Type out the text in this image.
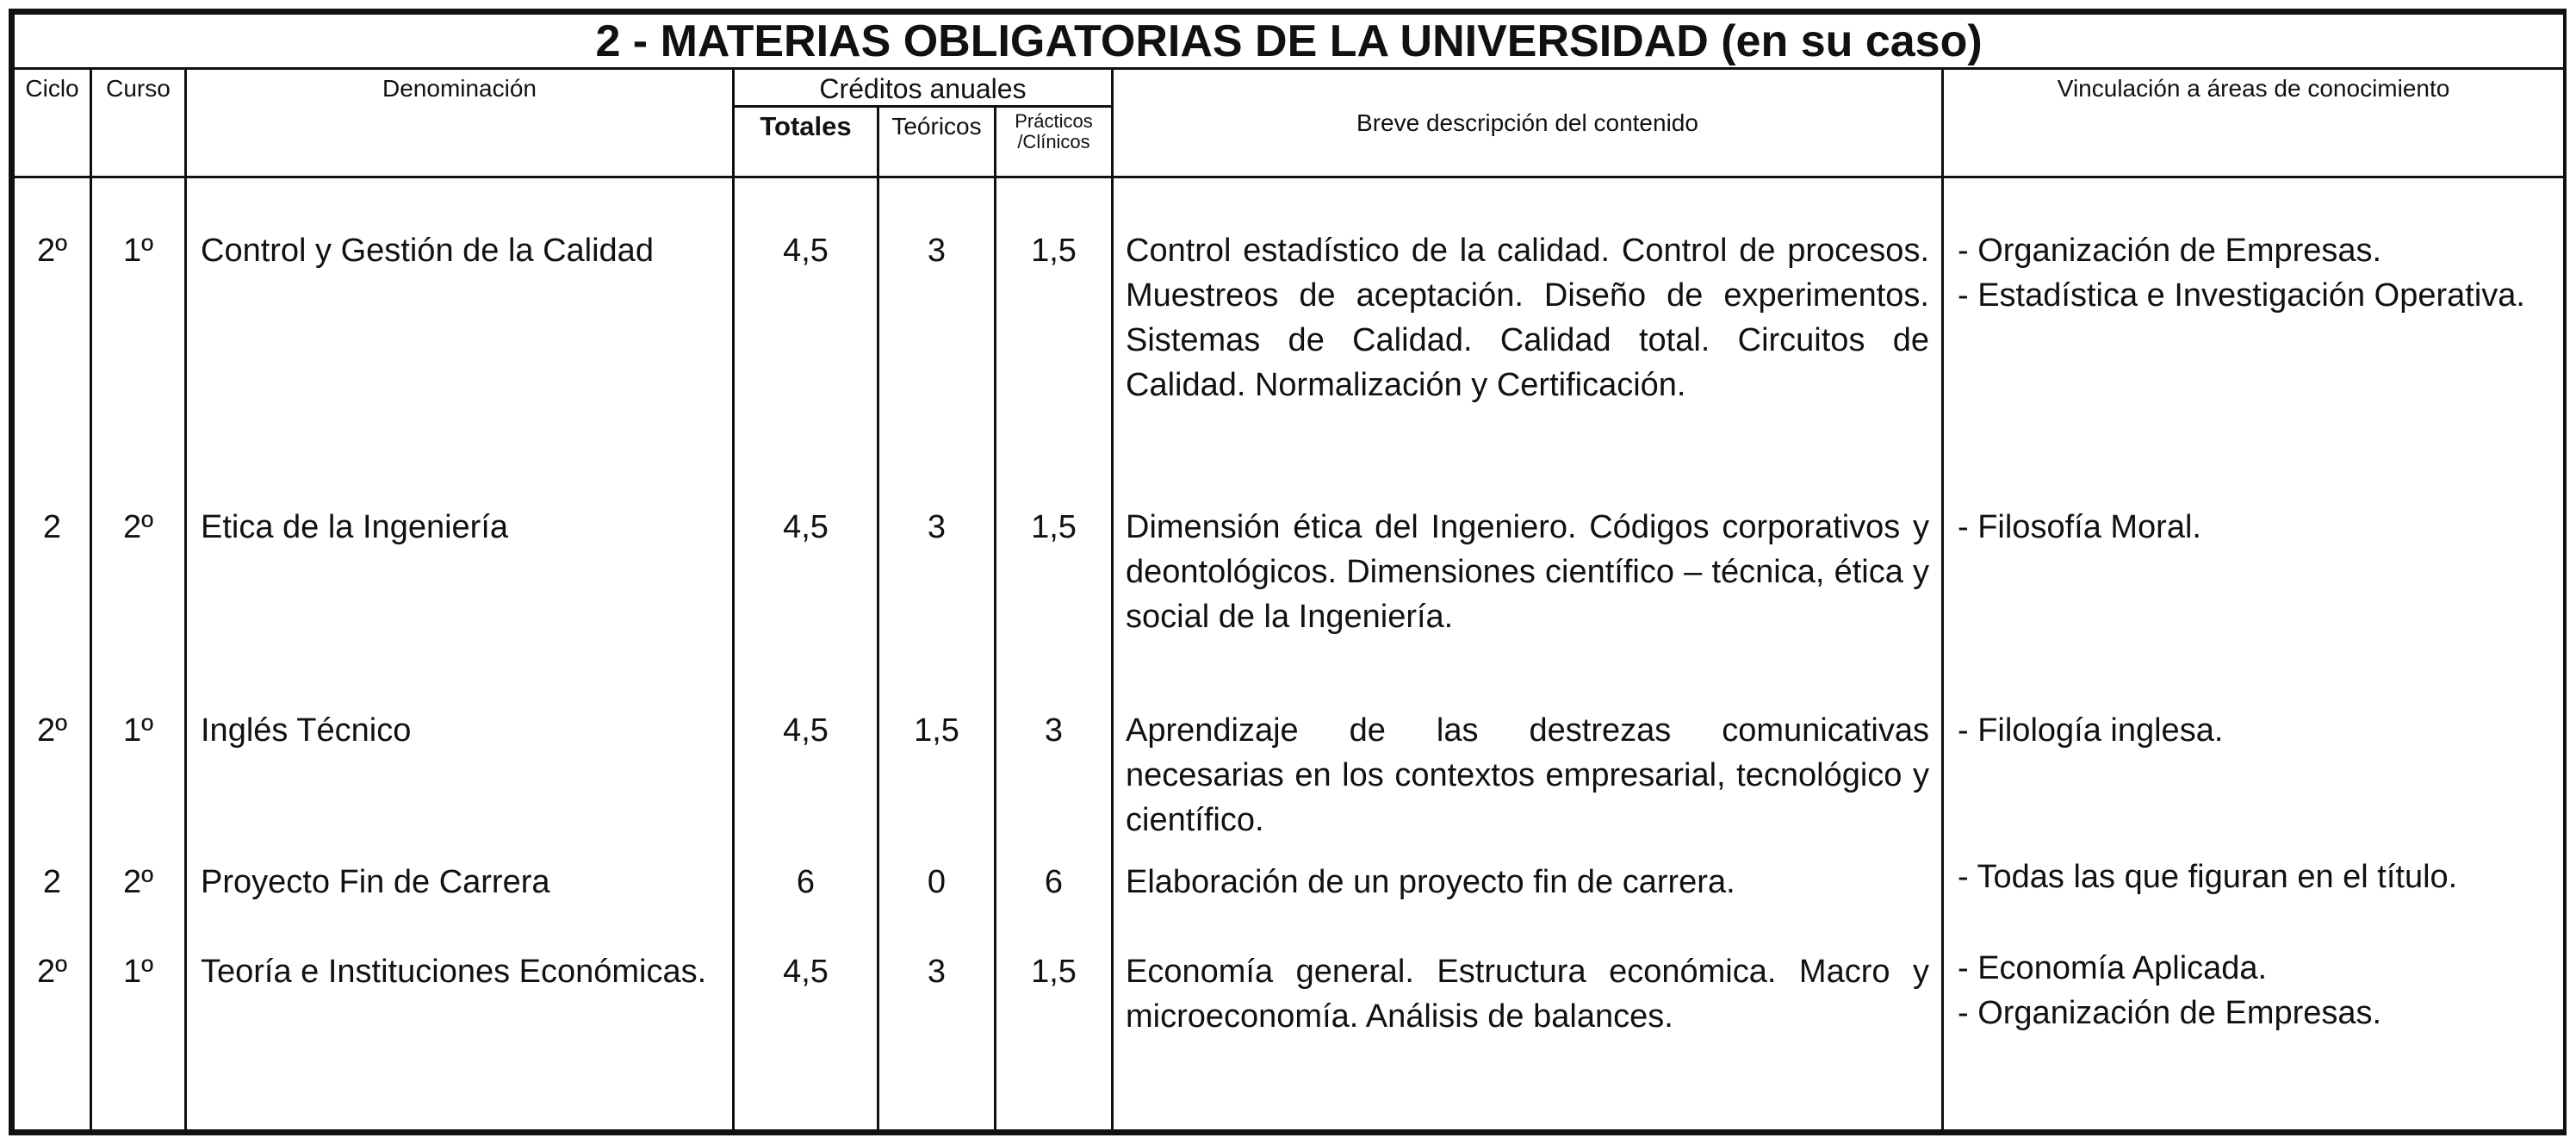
2 - MATERIAS OBLIGATORIAS DE LA UNIVERSIDAD (en su caso)							

Ciclo	Curso	Denominación	Créditos anuales			Breve descripción del contenido	Vinculación a áreas de conocimiento
			Totales	Teóricos	Prácticos /Clínicos		
2º	1º	Control y Gestión de la Calidad	4,5	3	1,5	Control estadístico de la calidad. Control de procesos. Muestreos de aceptación. Diseño de experimentos. Sistemas de Calidad. Calidad total. Circuitos de Calidad. Normalización y Certificación.	- Organización de Empresas.
- Estadística e Investigación Operativa.

2	2º	Etica de la Ingeniería	4,5	3	1,5	Dimensión ética del Ingeniero. Códigos corporativos y deontológicos. Dimensiones científico – técnica, ética y social de la Ingeniería.	- Filosofía Moral.

2º	1º	Inglés Técnico	4,5	1,5	3	Aprendizaje de las destrezas comunicativas necesarias en los contextos empresarial, tecnológico y científico.	- Filología inglesa.

2	2º	Proyecto Fin de Carrera	6	0	6	Elaboración de un proyecto fin de carrera.	- Todas las que figuran en el título.

2º	1º	Teoría e Instituciones Económicas.	4,5	3	1,5	Economía general. Estructura económica. Macro y microeconomía. Análisis de balances.	- Economía Aplicada.
- Organización de Empresas.
